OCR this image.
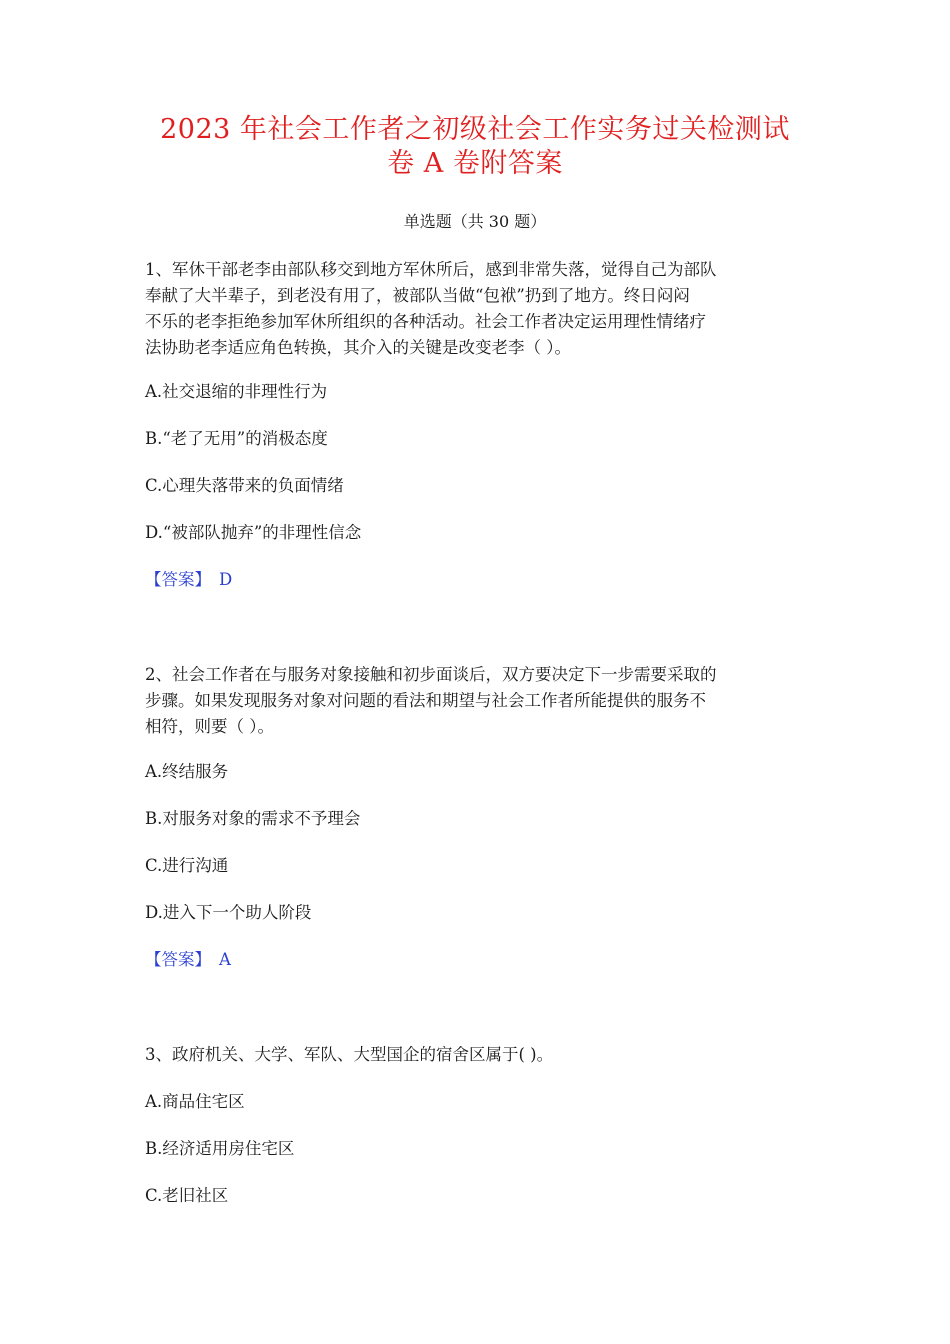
2023 年社会工作者之初级社会工作实务过关检测试
卷 A 卷附答案
单选题（共 30 题）
1、军休干部老李由部队移交到地方军休所后，感到非常失落，觉得自己为部队
奉献了大半辈子，到老没有用了，被部队当做“包袱”扔到了地方。终日闷闷
不乐的老李拒绝参加军休所组织的各种活动。社会工作者决定运用理性情绪疗
法协助老李适应角色转换，其介入的关键是改变老李（ ）。
A.社交退缩的非理性行为
B.“老了无用”的消极态度
C.心理失落带来的负面情绪
D.“被部队抛弃”的非理性信念
【答案】 D
2、社会工作者在与服务对象接触和初步面谈后，双方要决定下一步需要采取的
步骤。如果发现服务对象对问题的看法和期望与社会工作者所能提供的服务不
相符，则要（ ）。
A.终结服务
B.对服务对象的需求不予理会
C.进行沟通
D.进入下一个助人阶段
【答案】 A
3、政府机关、大学、军队、大型国企的宿舍区属于( )。
A.商品住宅区
B.经济适用房住宅区
C.老旧社区
